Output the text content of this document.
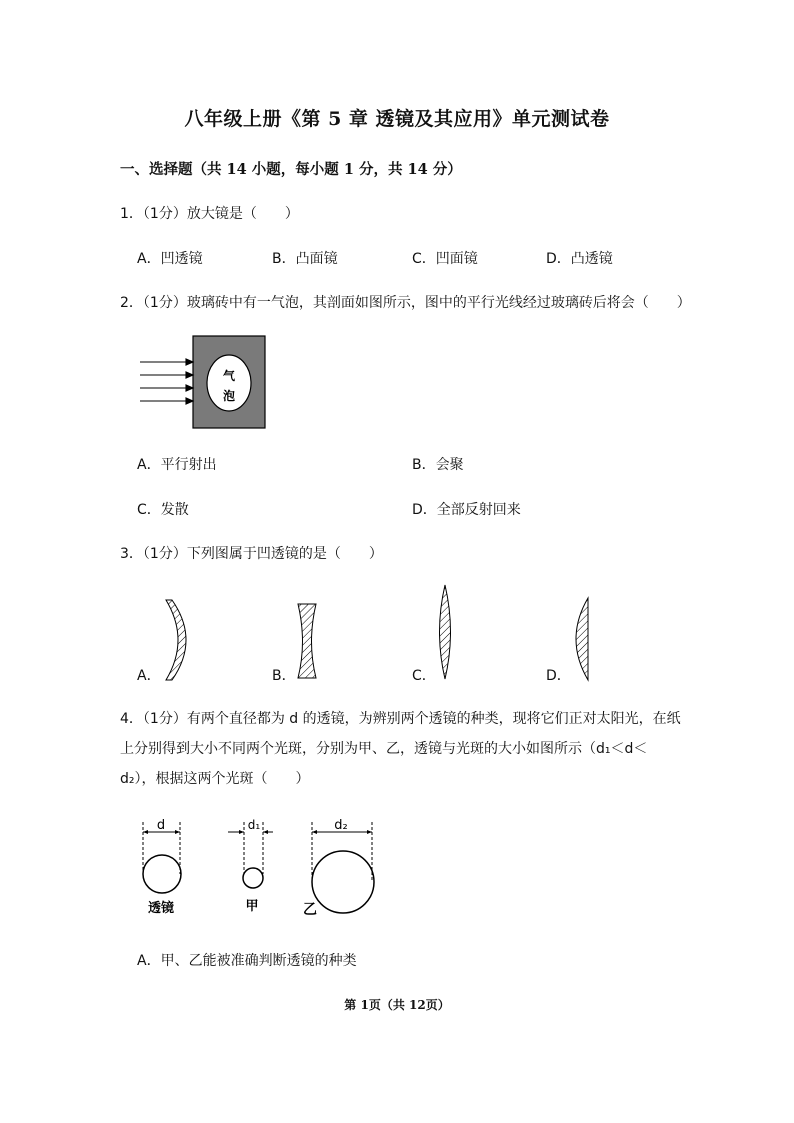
八年级上册《第 5 章 透镜及其应用》单元测试卷
一、选择题（共 14 小题，每小题 1 分，共 14 分）
1．（1分）放大镜是（　　）
A．凹透镜	B．凸面镜	C．凹面镜	D．凸透镜
2．（1分）玻璃砖中有一气泡，其剖面如图所示，图中的平行光线经过玻璃砖后将会（　　）
气
泡
A．平行射出	B．会聚
C．发散	D．全部反射回来
3．（1分）下列图属于凹透镜的是（　　）
A．	B．	C．	D．
4．（1分）有两个直径都为 d 的透镜，为辨别两个透镜的种类，现将它们正对太阳光，在纸
上分别得到大小不同两个光斑，分别为甲、乙，透镜与光斑的大小如图所示（d₁＜d＜
d₂），根据这两个光斑（　　）
d
透镜
d₁
甲
d₂
乙
A．甲、乙能被准确判断透镜的种类
第 1页（共 12页）
